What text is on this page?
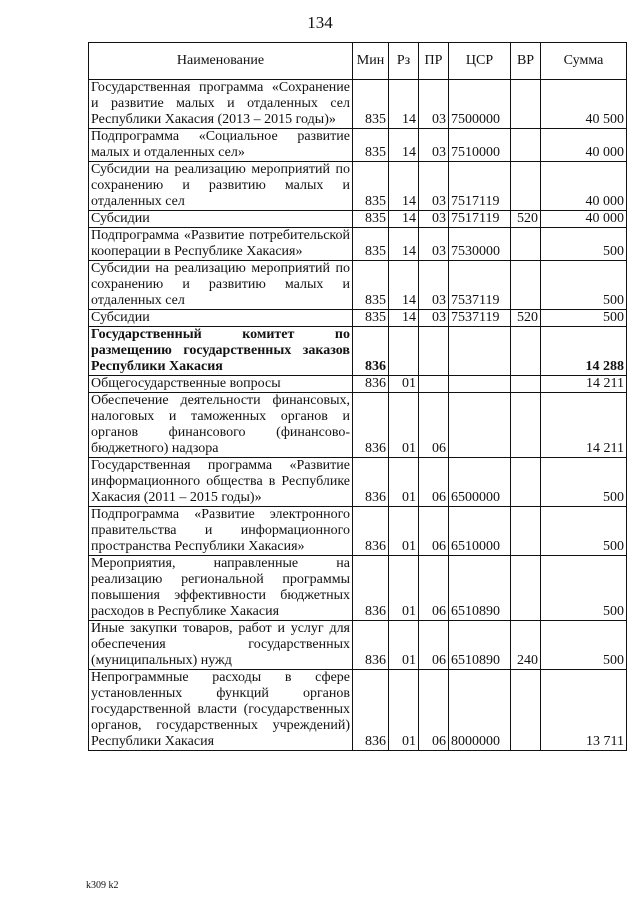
134
Наименование	Мин	Рз	ПР	ЦСР	ВР	Сумма
Государственная программа «Сохранение и развитие малых и отдаленных сел Республики Хакасия (2013 – 2015 годы)»	835	14	03	7500000		40 500
Подпрограмма «Социальное развитие малых и отдаленных сел»	835	14	03	7510000		40 000
Субсидии на реализацию мероприятий по сохранению и развитию малых и отдаленных сел	835	14	03	7517119		40 000
Субсидии	835	14	03	7517119	520	40 000
Подпрограмма «Развитие потребительской кооперации в Республике Хакасия»	835	14	03	7530000		500
Субсидии на реализацию мероприятий по сохранению и развитию малых и отдаленных сел	835	14	03	7537119		500
Субсидии	835	14	03	7537119	520	500
Государственный комитет по размещению государственных заказов Республики Хакасия	836					14 288
Общегосударственные вопросы	836	01				14 211
Обеспечение деятельности финансовых, налоговых и таможенных органов и органов финансового (финансово-бюджетного) надзора	836	01	06			14 211
Государственная программа «Развитие информационного общества в Республике Хакасия (2011 – 2015 годы)»	836	01	06	6500000		500
Подпрограмма «Развитие электронного правительства и информационного пространства Республики Хакасия»	836	01	06	6510000		500
Мероприятия, направленные на реализацию региональной программы повышения эффективности бюджетных расходов в Республике Хакасия	836	01	06	6510890		500
Иные закупки товаров, работ и услуг для обеспечения государственных (муниципальных) нужд	836	01	06	6510890	240	500
Непрограммные расходы в сфере установленных функций органов государственной власти (государственных органов, государственных учреждений) Республики Хакасия	836	01	06	8000000		13 711
k309 k2
